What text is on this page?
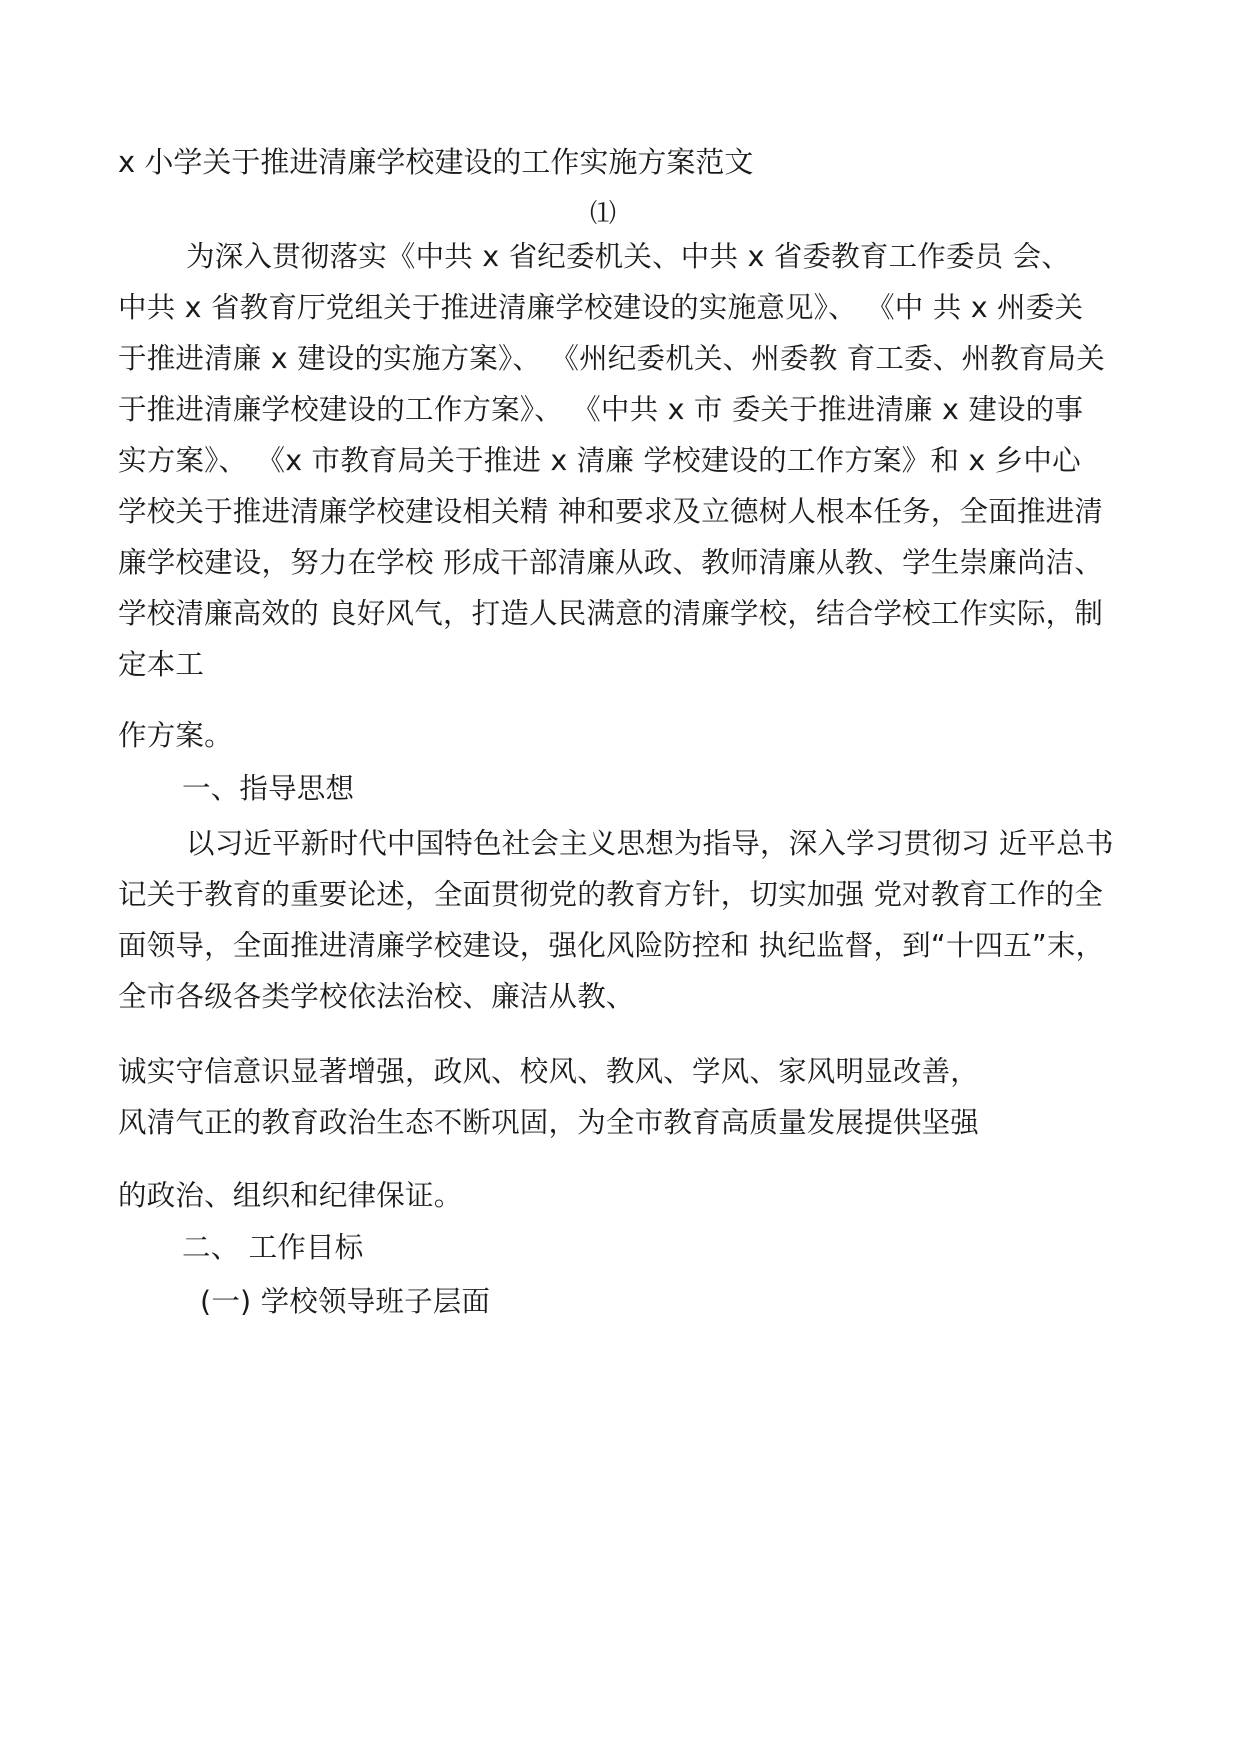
x 小学关于推进清廉学校建设的工作实施方案范文
⑴
为深入贯彻落实《中共 x 省纪委机关、中共 x 省委教育工作委员 会、
中共 x 省教育厅党组关于推进清廉学校建设的实施意见》、 《中 共 x 州委关
于推进清廉 x 建设的实施方案》、 《州纪委机关、州委教 育工委、州教育局关
于推进清廉学校建设的工作方案》、 《中共 x 市 委关于推进清廉 x 建设的事
实方案》、 《x 市教育局关于推进 x 清廉 学校建设的工作方案》和 x 乡中心
学校关于推进清廉学校建设相关精 神和要求及立德树人根本任务，全面推进清
廉学校建设，努力在学校 形成干部清廉从政、教师清廉从教、学生崇廉尚洁、
学校清廉高效的 良好风气，打造人民满意的清廉学校，结合学校工作实际，制
定本工
作方案。
一、指导思想
以习近平新时代中国特色社会主义思想为指导，深入学习贯彻习 近平总书
记关于教育的重要论述，全面贯彻党的教育方针，切实加强 党对教育工作的全
面领导，全面推进清廉学校建设，强化风险防控和 执纪监督，到“十四五”末，
全市各级各类学校依法治校、廉洁从教、
诚实守信意识显著增强，政风、校风、教风、学风、家风明显改善，
风清气正的教育政治生态不断巩固，为全市教育高质量发展提供坚强
的政治、组织和纪律保证。
二、 工作目标
(一) 学校领导班子层面
